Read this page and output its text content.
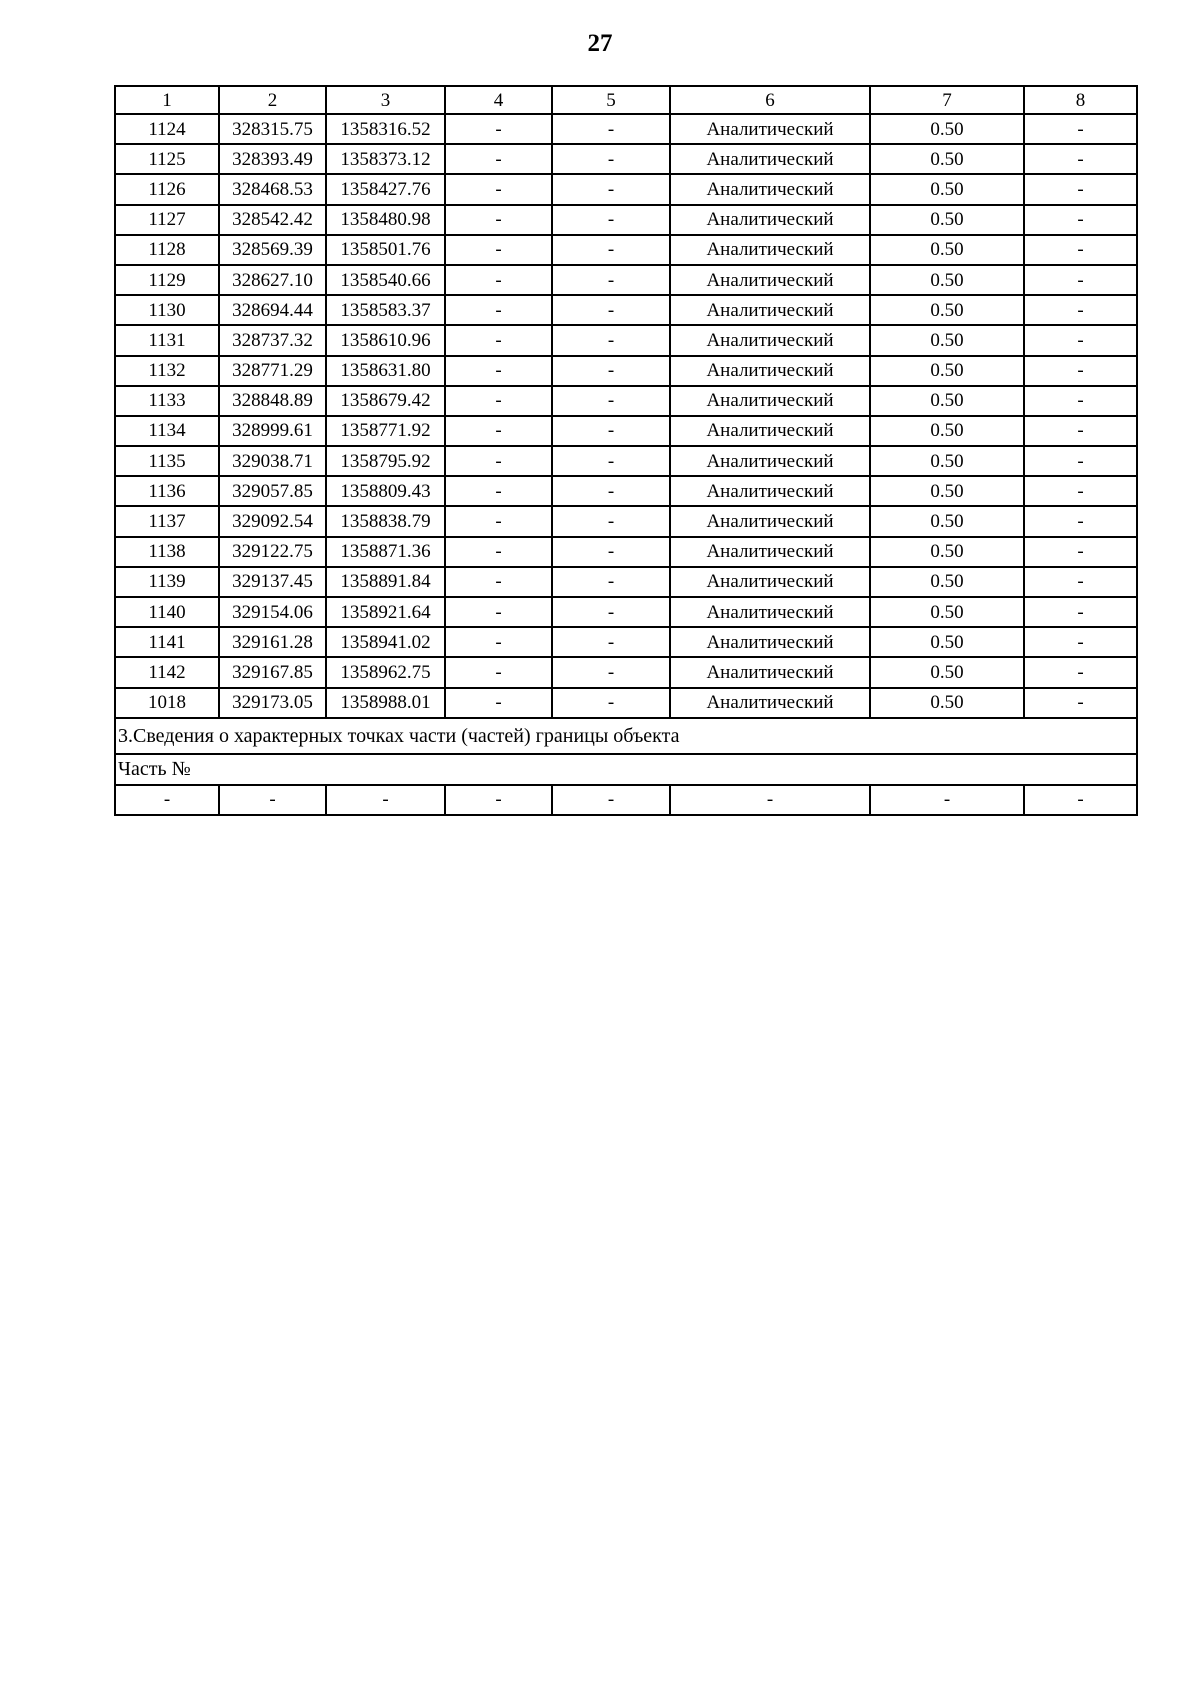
27
1	2	3	4	5	6	7	8
1124	328315.75	1358316.52	-	-	Аналитический	0.50	-
1125	328393.49	1358373.12	-	-	Аналитический	0.50	-
1126	328468.53	1358427.76	-	-	Аналитический	0.50	-
1127	328542.42	1358480.98	-	-	Аналитический	0.50	-
1128	328569.39	1358501.76	-	-	Аналитический	0.50	-
1129	328627.10	1358540.66	-	-	Аналитический	0.50	-
1130	328694.44	1358583.37	-	-	Аналитический	0.50	-
1131	328737.32	1358610.96	-	-	Аналитический	0.50	-
1132	328771.29	1358631.80	-	-	Аналитический	0.50	-
1133	328848.89	1358679.42	-	-	Аналитический	0.50	-
1134	328999.61	1358771.92	-	-	Аналитический	0.50	-
1135	329038.71	1358795.92	-	-	Аналитический	0.50	-
1136	329057.85	1358809.43	-	-	Аналитический	0.50	-
1137	329092.54	1358838.79	-	-	Аналитический	0.50	-
1138	329122.75	1358871.36	-	-	Аналитический	0.50	-
1139	329137.45	1358891.84	-	-	Аналитический	0.50	-
1140	329154.06	1358921.64	-	-	Аналитический	0.50	-
1141	329161.28	1358941.02	-	-	Аналитический	0.50	-
1142	329167.85	1358962.75	-	-	Аналитический	0.50	-
1018	329173.05	1358988.01	-	-	Аналитический	0.50	-
3.Сведения о характерных точках части (частей) границы объекта							
Часть №							
-	-	-	-	-	-	-	-
